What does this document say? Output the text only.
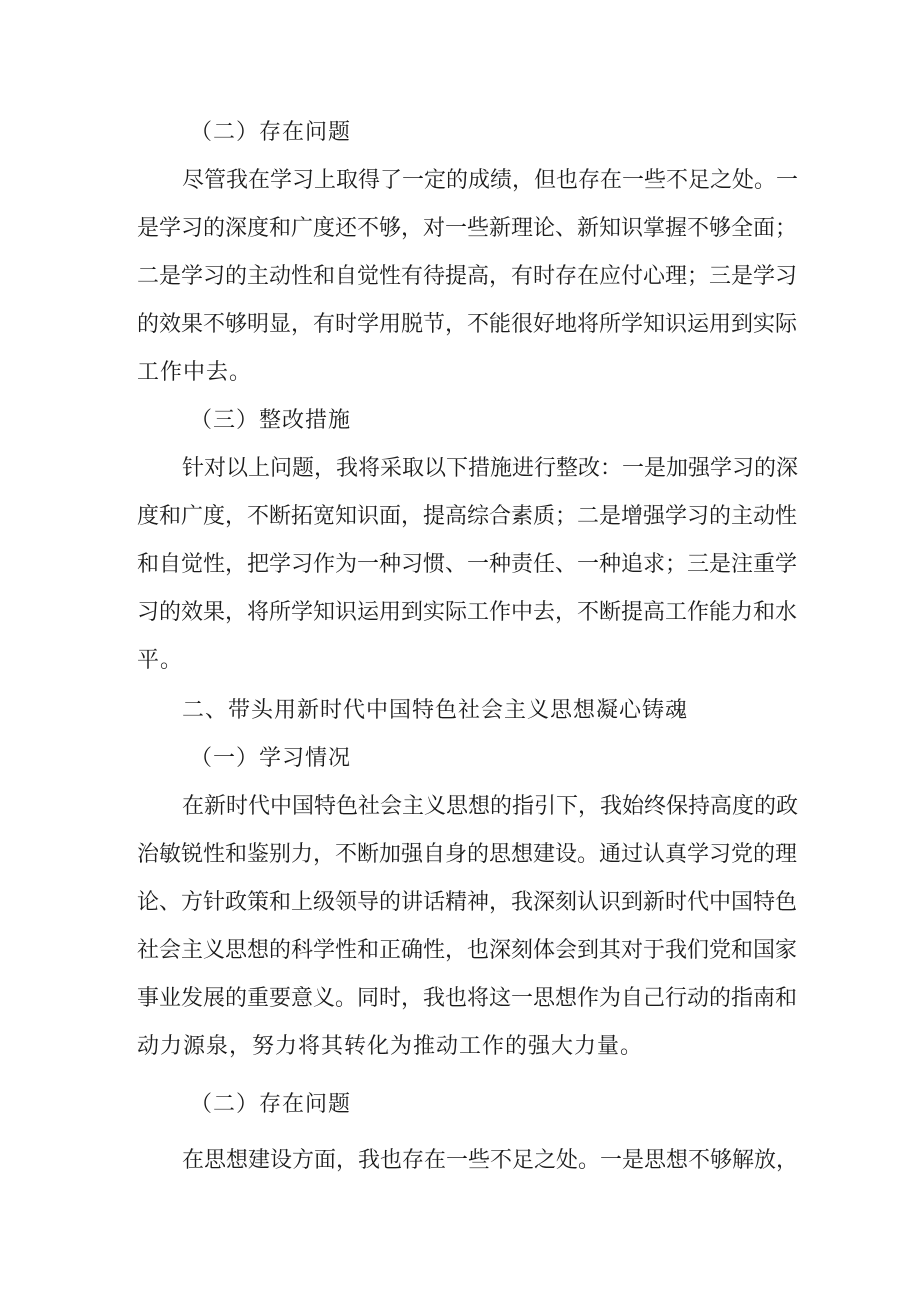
（二）存在问题
尽管我在学习上取得了一定的成绩，但也存在一些不足之处。一
是学习的深度和广度还不够，对一些新理论、新知识掌握不够全面；
二是学习的主动性和自觉性有待提高，有时存在应付心理；三是学习
的效果不够明显，有时学用脱节，不能很好地将所学知识运用到实际
工作中去。
（三）整改措施
针对以上问题，我将采取以下措施进行整改：一是加强学习的深
度和广度，不断拓宽知识面，提高综合素质；二是增强学习的主动性
和自觉性，把学习作为一种习惯、一种责任、一种追求；三是注重学
习的效果，将所学知识运用到实际工作中去，不断提高工作能力和水
平。
二、带头用新时代中国特色社会主义思想凝心铸魂
（一）学习情况
在新时代中国特色社会主义思想的指引下，我始终保持高度的政
治敏锐性和鉴别力，不断加强自身的思想建设。通过认真学习党的理
论、方针政策和上级领导的讲话精神，我深刻认识到新时代中国特色
社会主义思想的科学性和正确性，也深刻体会到其对于我们党和国家
事业发展的重要意义。同时，我也将这一思想作为自己行动的指南和
动力源泉，努力将其转化为推动工作的强大力量。
（二）存在问题
在思想建设方面，我也存在一些不足之处。一是思想不够解放，
